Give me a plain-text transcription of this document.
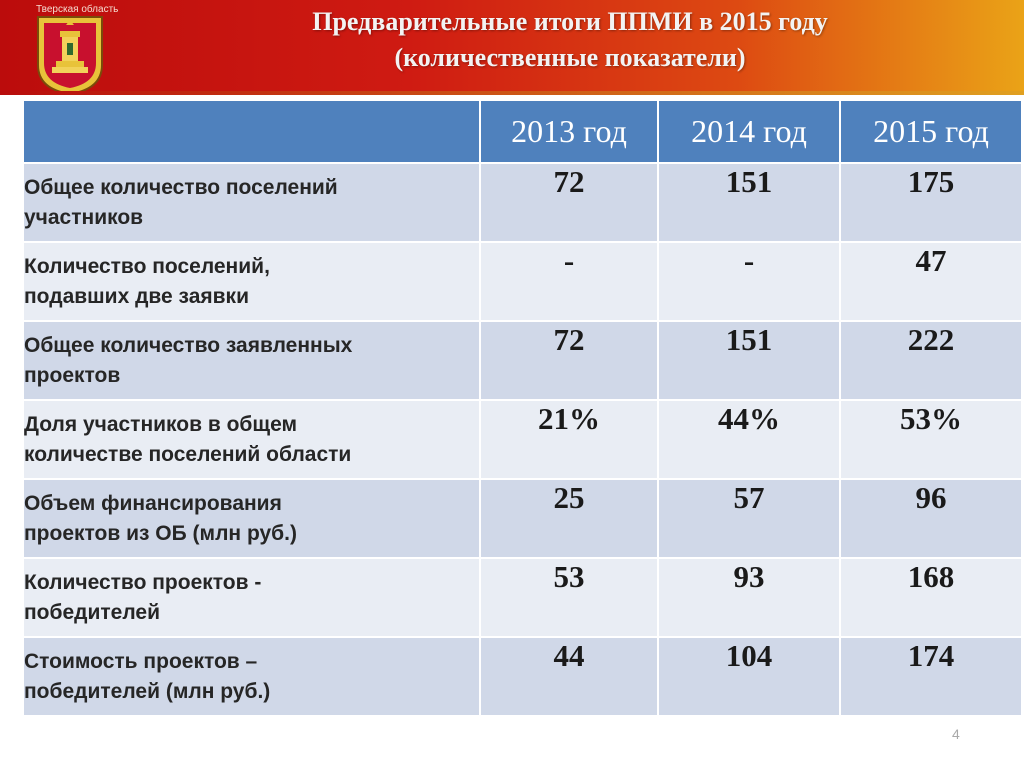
Тверская область	Предварительные итоги ППМИ в 2015 году
(количественные показатели)
	2013 год	2014 год	2015 год

Общее количество поселений
участников	72	151	175

Количество поселений,
подавших две заявки	-	-	47

Общее количество заявленных
проектов	72	151	222

Доля участников в общем
количестве поселений области	21%	44%	53%

Объем финансирования
проектов из ОБ (млн руб.)	25	57	96

Количество проектов -
победителей	53	93	168

Стоимость проектов –
победителей (млн руб.)	44	104	174
4
